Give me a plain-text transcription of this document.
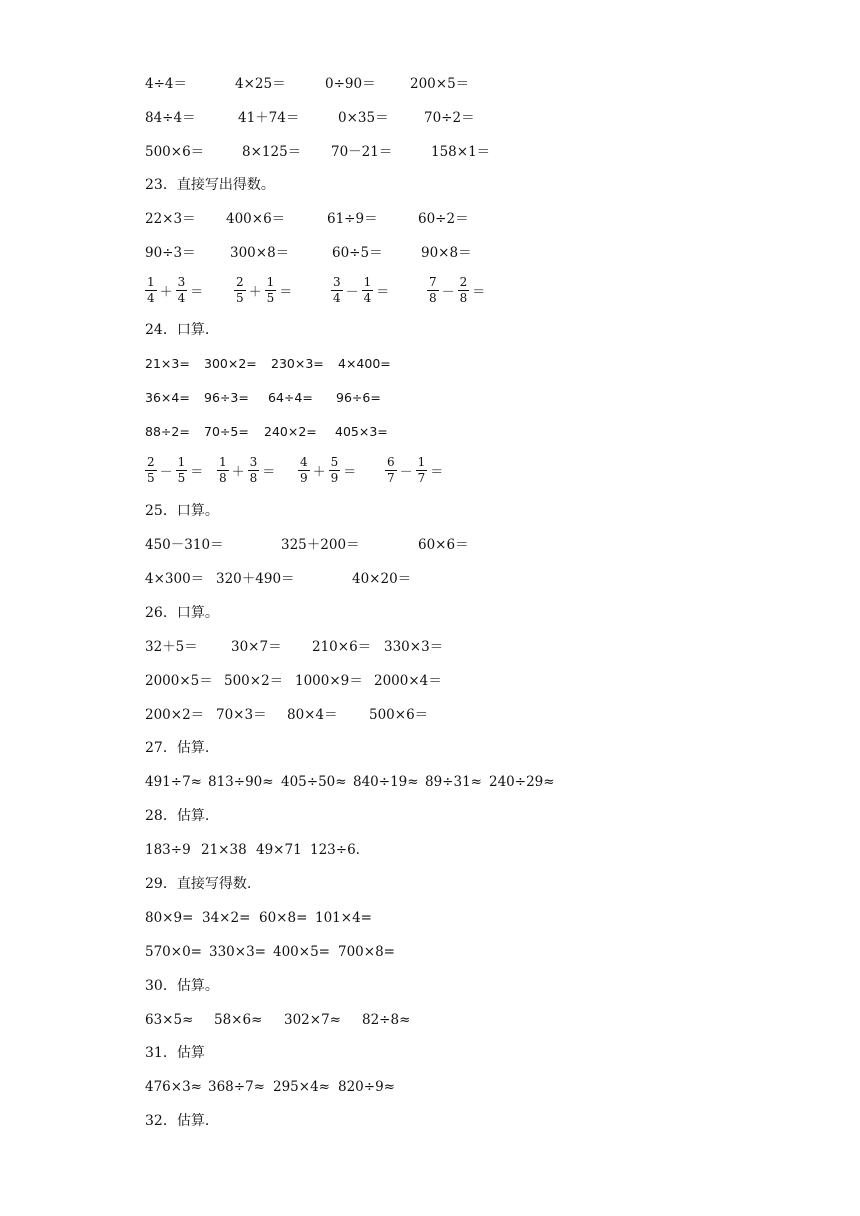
4÷4＝	4×25＝	0÷90＝	200×5＝
84÷4＝	41＋74＝	0×35＝	70÷2＝
500×6＝	8×125＝ 70－21＝	158×1＝
23．直接写出得数。
22×3＝ 400×6＝	61÷9＝	60÷2＝
90÷3＝	300×8＝	60÷5＝	90×8＝
$\frac{1}{4} + \frac{3}{4}$ ＝	$\frac{2}{5} + \frac{1}{5}$ ＝	$\frac{3}{4} - \frac{1}{4}$ ＝	$\frac{7}{8} - \frac{2}{8}$ ＝
24．口算.
21×3= 300×2= 230×3= 4×400=
36×4= 96÷3= 64÷4= 96÷6=
88÷2= 70÷5= 240×2= 405×3=
$\frac{2}{5} - \frac{1}{5} = \frac{1}{8} + \frac{3}{8} = \frac{4}{9} + \frac{5}{9} = \frac{6}{7} - \frac{1}{7}$ ＝
25．口算。
450－310＝	325＋200＝	60×6＝
4×300＝ 320＋490＝	40×20＝
26．口算。
32＋5＝ 30×7＝ 210×6＝ 330×3＝
2000×5＝ 500×2＝ 1000×9＝ 2000×4＝
200×2＝ 70×3＝ 80×4＝ 500×6＝
27．估算.
491÷7≈ 813÷90≈ 405÷50≈ 840÷19≈ 89÷31≈ 240÷29≈
28．估算.
183÷9 21×38 49×71 123÷6.
29．直接写得数.
80×9= 34×2= 60×8= 101×4=
570×0= 330×3= 400×5= 700×8=
30．估算。
63×5≈ 58×6≈ 302×7≈ 82÷8≈
31．估算
476×3≈ 368÷7≈ 295×4≈ 820÷9≈
32．估算.
